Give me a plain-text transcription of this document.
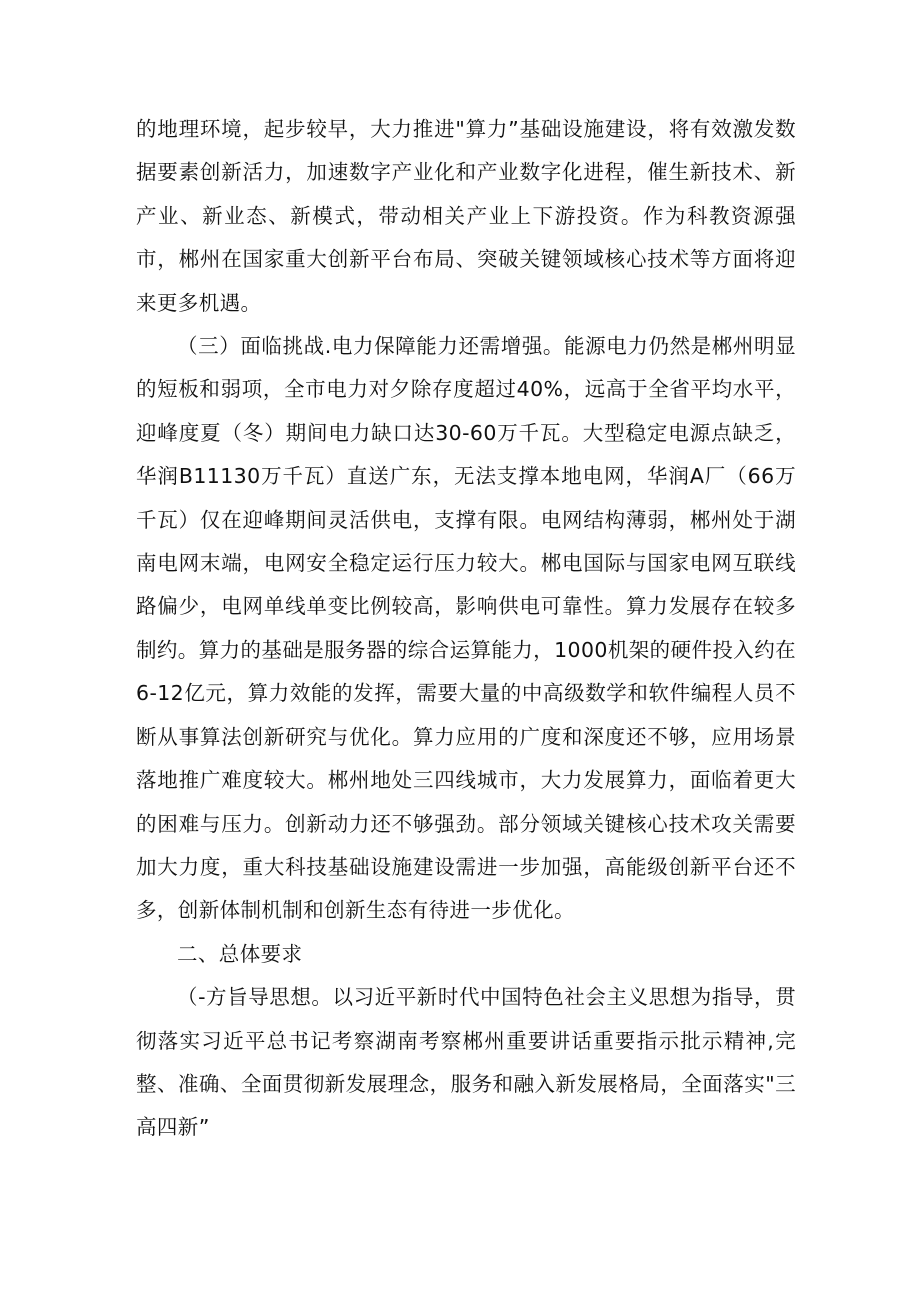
的地理环境，起步较早，大力推进"算力”基础设施建设，将有效激发数据要素创新活力，加速数字产业化和产业数字化进程，催生新技术、新产业、新业态、新模式，带动相关产业上下游投资。作为科教资源强市，郴州在国家重大创新平台布局、突破关键领域核心技术等方面将迎来更多机遇。

（三）面临挑战.电力保障能力还需增强。能源电力仍然是郴州明显的短板和弱项，全市电力对夕除存度超过40%，远高于全省平均水平，迎峰度夏（冬）期间电力缺口达30-60万千瓦。大型稳定电源点缺乏，华润B11130万千瓦）直送广东，无法支撑本地电网，华润A厂（66万千瓦）仅在迎峰期间灵活供电，支撑有限。电网结构薄弱，郴州处于湖南电网末端，电网安全稳定运行压力较大。郴电国际与国家电网互联线路偏少，电网单线单变比例较高，影响供电可靠性。算力发展存在较多制约。算力的基础是服务器的综合运算能力，1000机架的硬件投入约在6-12亿元，算力效能的发挥，需要大量的中高级数学和软件编程人员不断从事算法创新研究与优化。算力应用的广度和深度还不够，应用场景落地推广难度较大。郴州地处三四线城市，大力发展算力，面临着更大的困难与压力。创新动力还不够强劲。部分领域关键核心技术攻关需要加大力度，重大科技基础设施建设需进一步加强，高能级创新平台还不多，创新体制机制和创新生态有待进一步优化。

二、总体要求

（-方旨导思想。以习近平新时代中国特色社会主义思想为指导，贯彻落实习近平总书记考察湖南考察郴州重要讲话重要指示批示精神,完整、准确、全面贯彻新发展理念，服务和融入新发展格局，全面落实"三高四新”
